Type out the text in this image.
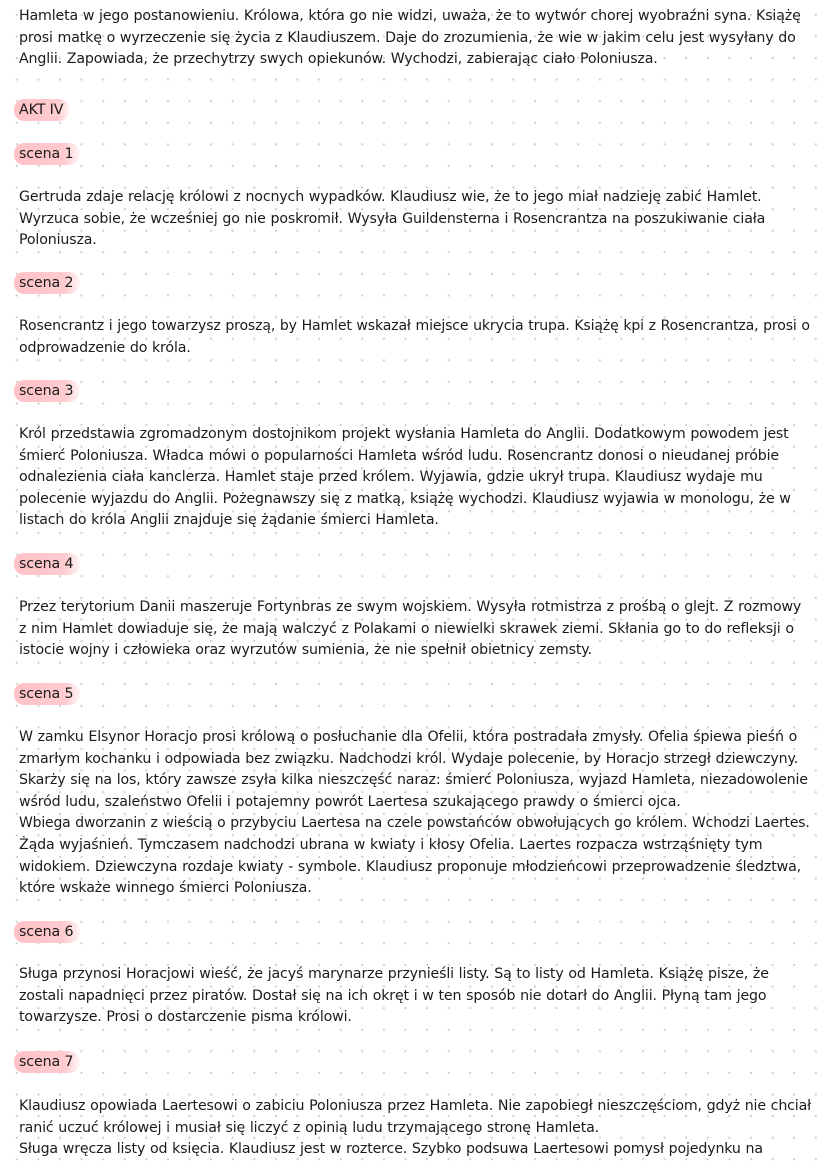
Hamleta w jego postanowieniu. Królowa, która go nie widzi, uważa, że to wytwór chorej wyobraźni syna. Książę
prosi matkę o wyrzeczenie się życia z Klaudiuszem. Daje do zrozumienia, że wie w jakim celu jest wysyłany do
Anglii. Zapowiada, że przechytrzy swych opiekunów. Wychodzi, zabierając ciało Poloniusza.

AKT IV
scena 1

Gertruda zdaje relację królowi z nocnych wypadków. Klaudiusz wie, że to jego miał nadzieję zabić Hamlet.
Wyrzuca sobie, że wcześniej go nie poskromił. Wysyła Guildensterna i Rosencrantza na poszukiwanie ciała
Poloniusza.

scena 2

Rosencrantz i jego towarzysz proszą, by Hamlet wskazał miejsce ukrycia trupa. Książę kpi z Rosencrantza, prosi o
odprowadzenie do króla.

scena 3

Król przedstawia zgromadzonym dostojnikom projekt wysłania Hamleta do Anglii. Dodatkowym powodem jest
śmierć Poloniusza. Władca mówi o popularności Hamleta wśród ludu. Rosencrantz donosi o nieudanej próbie
odnalezienia ciała kanclerza. Hamlet staje przed królem. Wyjawia, gdzie ukrył trupa. Klaudiusz wydaje mu
polecenie wyjazdu do Anglii. Pożegnawszy się z matką, książę wychodzi. Klaudiusz wyjawia w monologu, że w
listach do króla Anglii znajduje się żądanie śmierci Hamleta.

scena 4

Przez terytorium Danii maszeruje Fortynbras ze swym wojskiem. Wysyła rotmistrza z prośbą o glejt. Z rozmowy
z nim Hamlet dowiaduje się, że mają walczyć z Polakami o niewielki skrawek ziemi. Skłania go to do refleksji o
istocie wojny i człowieka oraz wyrzutów sumienia, że nie spełnił obietnicy zemsty.

scena 5

W zamku Elsynor Horacjo prosi królową o posłuchanie dla Ofelii, która postradała zmysły. Ofelia śpiewa pieśń o
zmarłym kochanku i odpowiada bez związku. Nadchodzi król. Wydaje polecenie, by Horacjo strzegł dziewczyny.
Skarży się na los, który zawsze zsyła kilka nieszczęść naraz: śmierć Poloniusza, wyjazd Hamleta, niezadowolenie
wśród ludu, szaleństwo Ofelii i potajemny powrót Laertesa szukającego prawdy o śmierci ojca.
Wbiega dworzanin z wieścią o przybyciu Laertesa na czele powstańców obwołujących go królem. Wchodzi Laertes.
Żąda wyjaśnień. Tymczasem nadchodzi ubrana w kwiaty i kłosy Ofelia. Laertes rozpacza wstrząśnięty tym
widokiem. Dziewczyna rozdaje kwiaty - symbole. Klaudiusz proponuje młodzieńcowi przeprowadzenie śledztwa,
które wskaże winnego śmierci Poloniusza.

scena 6

Sługa przynosi Horacjowi wieść, że jacyś marynarze przynieśli listy. Są to listy od Hamleta. Książę pisze, że
zostali napadnięci przez piratów. Dostał się na ich okręt i w ten sposób nie dotarł do Anglii. Płyną tam jego
towarzysze. Prosi o dostarczenie pisma królowi.

scena 7

Klaudiusz opowiada Laertesowi o zabiciu Poloniusza przez Hamleta. Nie zapobiegł nieszczęściom, gdyż nie chciał
ranić uczuć królowej i musiał się liczyć z opinią ludu trzymającego stronę Hamleta.
Sługa wręcza listy od księcia. Klaudiusz jest w rozterce. Szybko podsuwa Laertesowi pomysł pojedynku na
